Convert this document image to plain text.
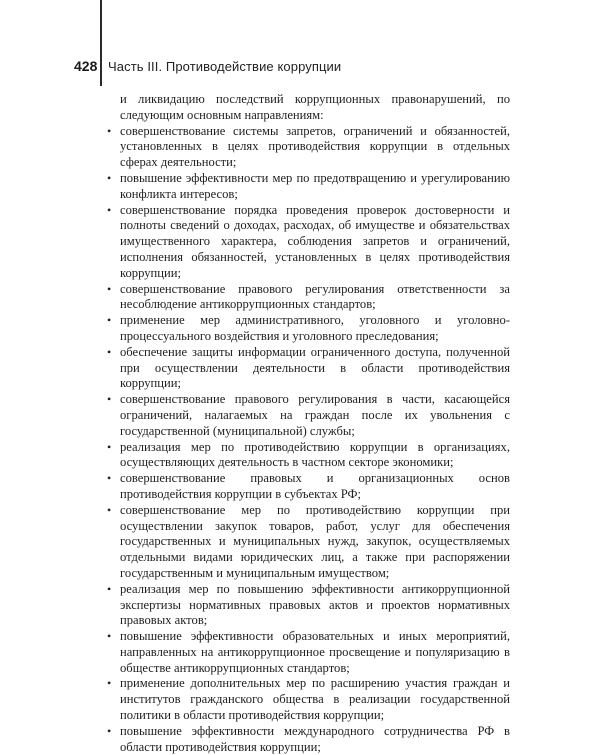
428 Часть III. Противодействие коррупции

и ликвидацию последствий коррупционных правонарушений, по следующим основным направлениям:

• совершенствование системы запретов, ограничений и обязанностей, установленных в целях противодействия коррупции в отдельных сферах деятельности;
• повышение эффективности мер по предотвращению и урегулированию конфликта интересов;
• совершенствование порядка проведения проверок достоверности и полноты сведений о доходах, расходах, об имуществе и обязательствах имущественного характера, соблюдения запретов и ограничений, исполнения обязанностей, установленных в целях противодействия коррупции;
• совершенствование правового регулирования ответственности за несоблюдение антикоррупционных стандартов;
• применение мер административного, уголовного и уголовно-процессуального воздействия и уголовного преследования;
• обеспечение защиты информации ограниченного доступа, полученной при осуществлении деятельности в области противодействия коррупции;
• совершенствование правового регулирования в части, касающейся ограничений, налагаемых на граждан после их увольнения с государственной (муниципальной) службы;
• реализация мер по противодействию коррупции в организациях, осуществляющих деятельность в частном секторе экономики;
• совершенствование правовых и организационных основ противодействия коррупции в субъектах РФ;
• совершенствование мер по противодействию коррупции при осуществлении закупок товаров, работ, услуг для обеспечения государственных и муниципальных нужд, закупок, осуществляемых отдельными видами юридических лиц, а также при распоряжении государственным и муниципальным имуществом;
• реализация мер по повышению эффективности антикоррупционной экспертизы нормативных правовых актов и проектов нормативных правовых актов;
• повышение эффективности образовательных и иных мероприятий, направленных на антикоррупционное просвещение и популяризацию в обществе антикоррупционных стандартов;
• применение дополнительных мер по расширению участия граждан и институтов гражданского общества в реализации государственной политики в области противодействия коррупции;
• повышение эффективности международного сотрудничества РФ в области противодействия коррупции;
